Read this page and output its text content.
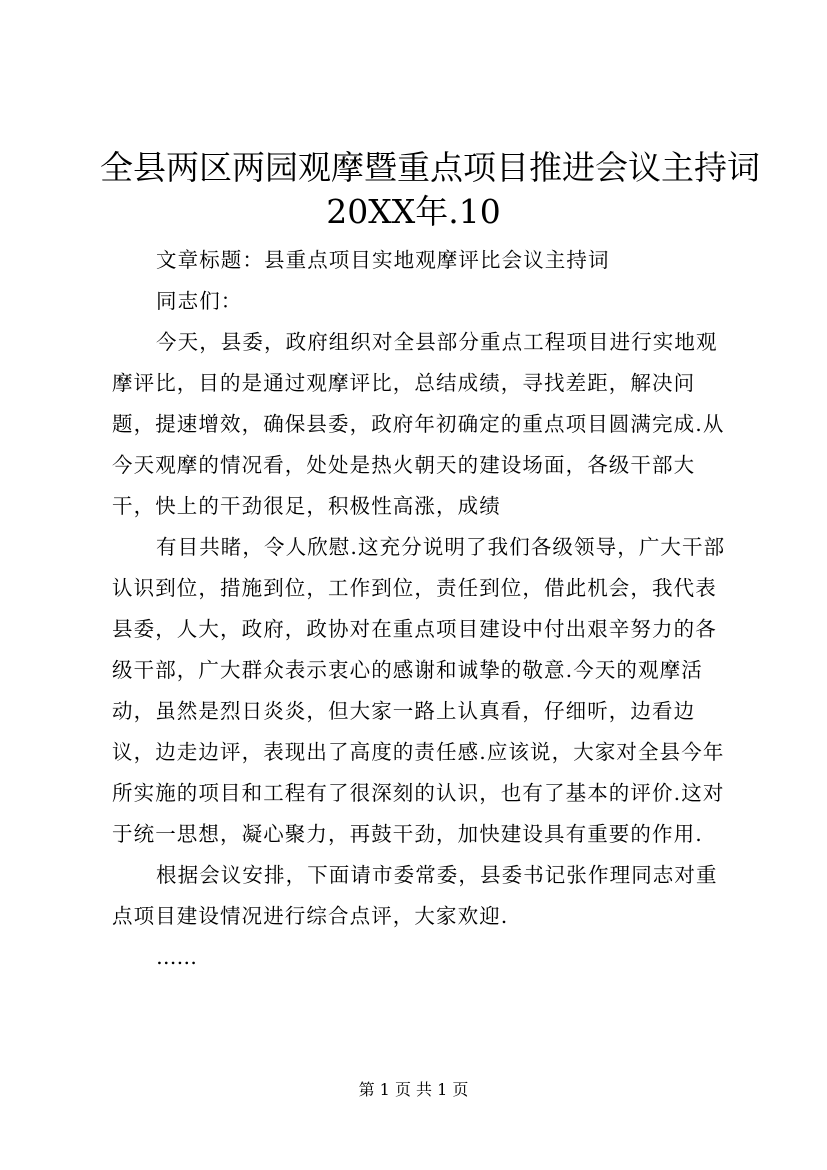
全县两区两园观摩暨重点项目推进会议主持词
20XX年.10

文章标题：县重点项目实地观摩评比会议主持词

同志们：

今天，县委，政府组织对全县部分重点工程项目进行实地观摩评比，目的是通过观摩评比，总结成绩，寻找差距，解决问题，提速增效，确保县委，政府年初确定的重点项目圆满完成.从今天观摩的情况看，处处是热火朝天的建设场面，各级干部大干，快上的干劲很足，积极性高涨，成绩

有目共睹，令人欣慰.这充分说明了我们各级领导，广大干部认识到位，措施到位，工作到位，责任到位，借此机会，我代表县委，人大，政府，政协对在重点项目建设中付出艰辛努力的各级干部，广大群众表示衷心的感谢和诚挚的敬意.今天的观摩活动，虽然是烈日炎炎，但大家一路上认真看，仔细听，边看边议，边走边评，表现出了高度的责任感.应该说，大家对全县今年所实施的项目和工程有了很深刻的认识，也有了基本的评价.这对于统一思想，凝心聚力，再鼓干劲，加快建设具有重要的作用.

根据会议安排，下面请市委常委，县委书记张作理同志对重点项目建设情况进行综合点评，大家欢迎.

……

第 1 页 共 1 页
